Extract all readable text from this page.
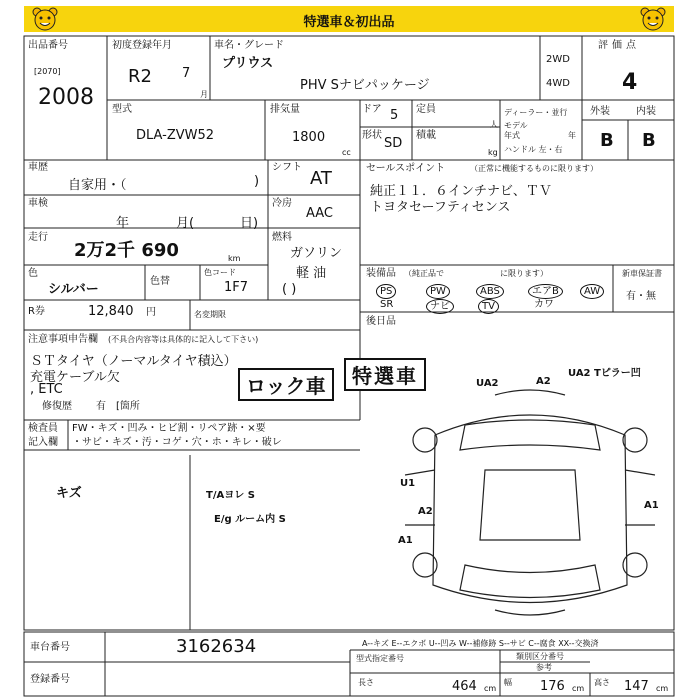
特選車＆初出品
出品番号
[2070]
2008
初度登録年月
R2 7
月
車名・グレード
プリウス
PHV Sナビパッケージ
2WD
4WD
評価点
4
型式
DLA-ZVW52
排気量
1800
cc
ドア 5
形状
SD
定員
人
積載
kg
ディーラー・並行
モデル
年式	年
ハンドル 左・右
外装	内装
B B
車歴
自家用・（	)
シフト
AT
車検
年	月(	日)
冷房
AAC
走行
2万2千 690	km
燃料
ガソリン
軽 油
( )
色
シルバー
色替
色コード
1F7
R券	12,840 円	名変期限
セールスポイント	（正常に機能するものに限ります）
純正１１．６インチナビ、ＴＶ
トヨタセーフティセンス
装備品 （純正品で	に限ります）
PS	PW	ABS	エアB	AW
SR	ナビ	TV	カワ
後日品
新車保証書
有・無
注意事項申告欄 (不具合内容等は具体的に記入して下さい)
ＳＴタイヤ（ノーマルタイヤ積込）
充電ケーブル欠
, ETC
修復歴 有 [箇所
ロック車	特選車
検査員
記入欄
FW・キズ・凹み・ヒビ割・リペア跡・×要
・サビ・キズ・汚・コゲ・穴・ホ・キレ・破レ
キズ	T/Aヨレ S
E/g ルーム内 S
UA2	A2
UA2 Tピラー凹
U1
A2
A1
A1
車台番号	3162634	A--キズ E--エクボ U--凹み W--補修跡 S--サビ C--腐食 XX--交換済
登録番号
型式指定番号	類別区分番号
参考
長さ	464 cm
幅 176 cm
高さ 147 cm
